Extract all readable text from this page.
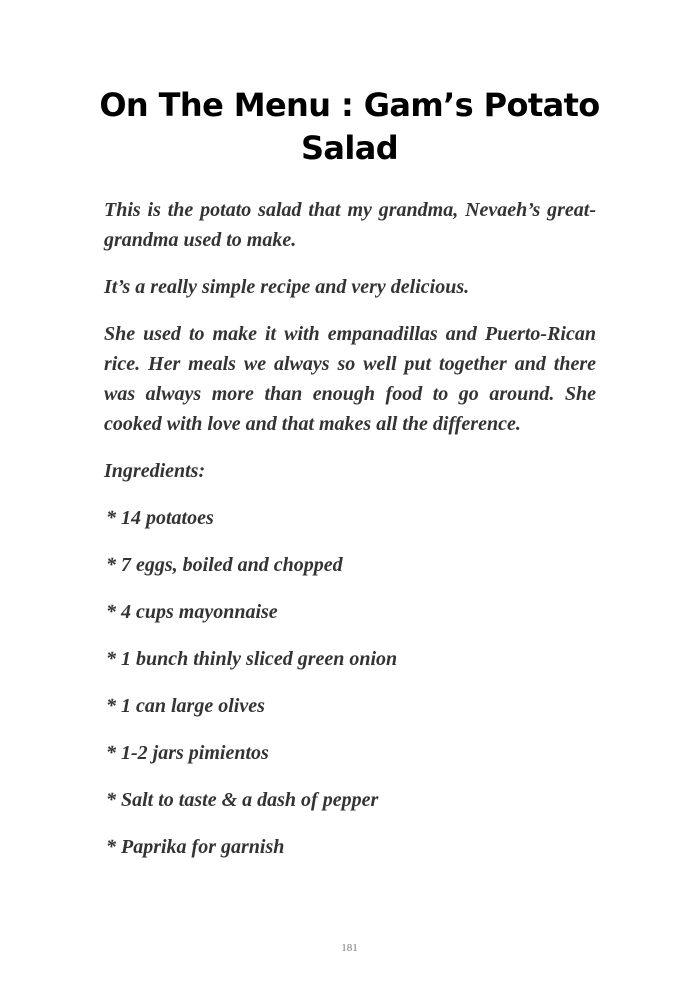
On The Menu : Gam’s Potato Salad

This is the potato salad that my grandma, Nevaeh’s great-grandma used to make.

It’s a really simple recipe and very delicious.

She used to make it with empanadillas and Puerto-Rican rice. Her meals we always so well put together and there was always more than enough food to go around. She cooked with love and that makes all the difference.

Ingredients:

* 14 potatoes
* 7 eggs, boiled and chopped
* 4 cups mayonnaise
* 1 bunch thinly sliced green onion
* 1 can large olives
* 1-2 jars pimientos
* Salt to taste & a dash of pepper
* Paprika for garnish
181
